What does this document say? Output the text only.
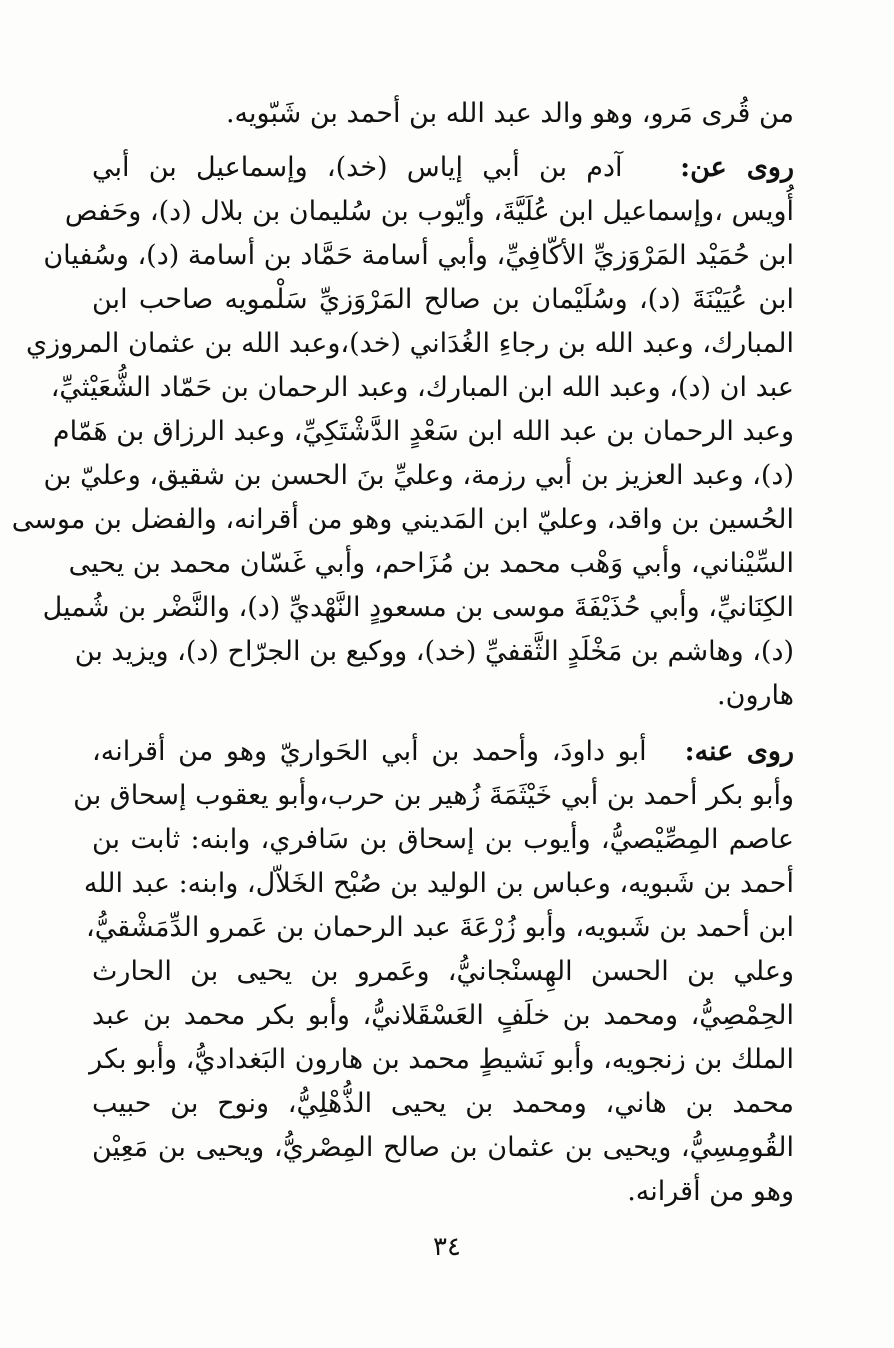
من قُرى مَرو، وهو والد عبد الله بن أحمد بن شَبّويه.
روى عن:   آدم بن أبي إياس (خد)، وإسماعيل بن أبي
أُويس ،وإسماعيل ابن عُلَيَّةَ، وأيّوب بن سُليمان بن بلال (د)، وحَفص
ابن حُمَيْد المَرْوَزيِّ الأكّافِيِّ، وأبي أسامة حَمَّاد بن أسامة (د)، وسُفيان
ابن عُيَيْنَةَ (د)، وسُلَيْمان بن صالح المَرْوَزيِّ سَلْمويه صاحب ابن
المبارك، وعبد الله بن رجاءِ الغُدَاني (خد)،وعبد الله بن عثمان المروزي
عبد ان (د)، وعبد الله ابن المبارك، وعبد الرحمان بن حَمّاد الشُّعَيْثيِّ،
وعبد الرحمان بن عبد الله ابن سَعْدٍ الدَّشْتَكِيِّ، وعبد الرزاق بن هَمّام
(د)، وعبد العزيز بن أبي رزمة، وعليِّ بنَ الحسن بن شقيق، وعليّ بن
الحُسين بن واقد، وعليّ ابن المَديني وهو من أقرانه، والفضل بن موسى
السِّيْناني، وأبي وَهْب محمد بن مُزَاحم، وأبي غَسّان محمد بن يحيى
الكِنَانيِّ، وأبي حُذَيْفَةَ موسى بن مسعودٍ النَّهْديِّ (د)، والنَّضْر بن شُميل
(د)، وهاشم بن مَخْلَدٍ الثَّقفيِّ (خد)، ووكيع بن الجرّاح (د)، ويزيد بن
هارون.
روى عنه:   أبو داودَ، وأحمد بن أبي الحَواريّ وهو من أقرانه،
وأبو بكر أحمد بن أبي خَيْثَمَةَ زُهير بن حرب،وأبو يعقوب إسحاق بن
عاصم المِصِّيْصيُّ، وأيوب بن إسحاق بن سَافري، وابنه: ثابت بن
أحمد بن شَبويه، وعباس بن الوليد بن صُبْح الخَلاّل، وابنه: عبد الله
ابن أحمد بن شَبويه، وأبو زُرْعَةَ عبد الرحمان بن عَمرو الدِّمَشْقيُّ،
وعلي بن الحسن الهِسنْجانيُّ، وعَمرو بن يحيى بن الحارث
الحِمْصِيُّ، ومحمد بن خلَفٍ العَسْقَلانيُّ، وأبو بكر محمد بن عبد
الملك بن زنجويه، وأبو نَشيطٍ محمد بن هارون البَغداديُّ، وأبو بكر
محمد بن هاني، ومحمد بن يحيى الذُّهْلِيُّ، ونوح بن حبيب
القُومِسِيُّ، ويحيى بن عثمان بن صالح المِصْريُّ، ويحيى بن مَعِيْن
وهو من أقرانه.
٣٤
